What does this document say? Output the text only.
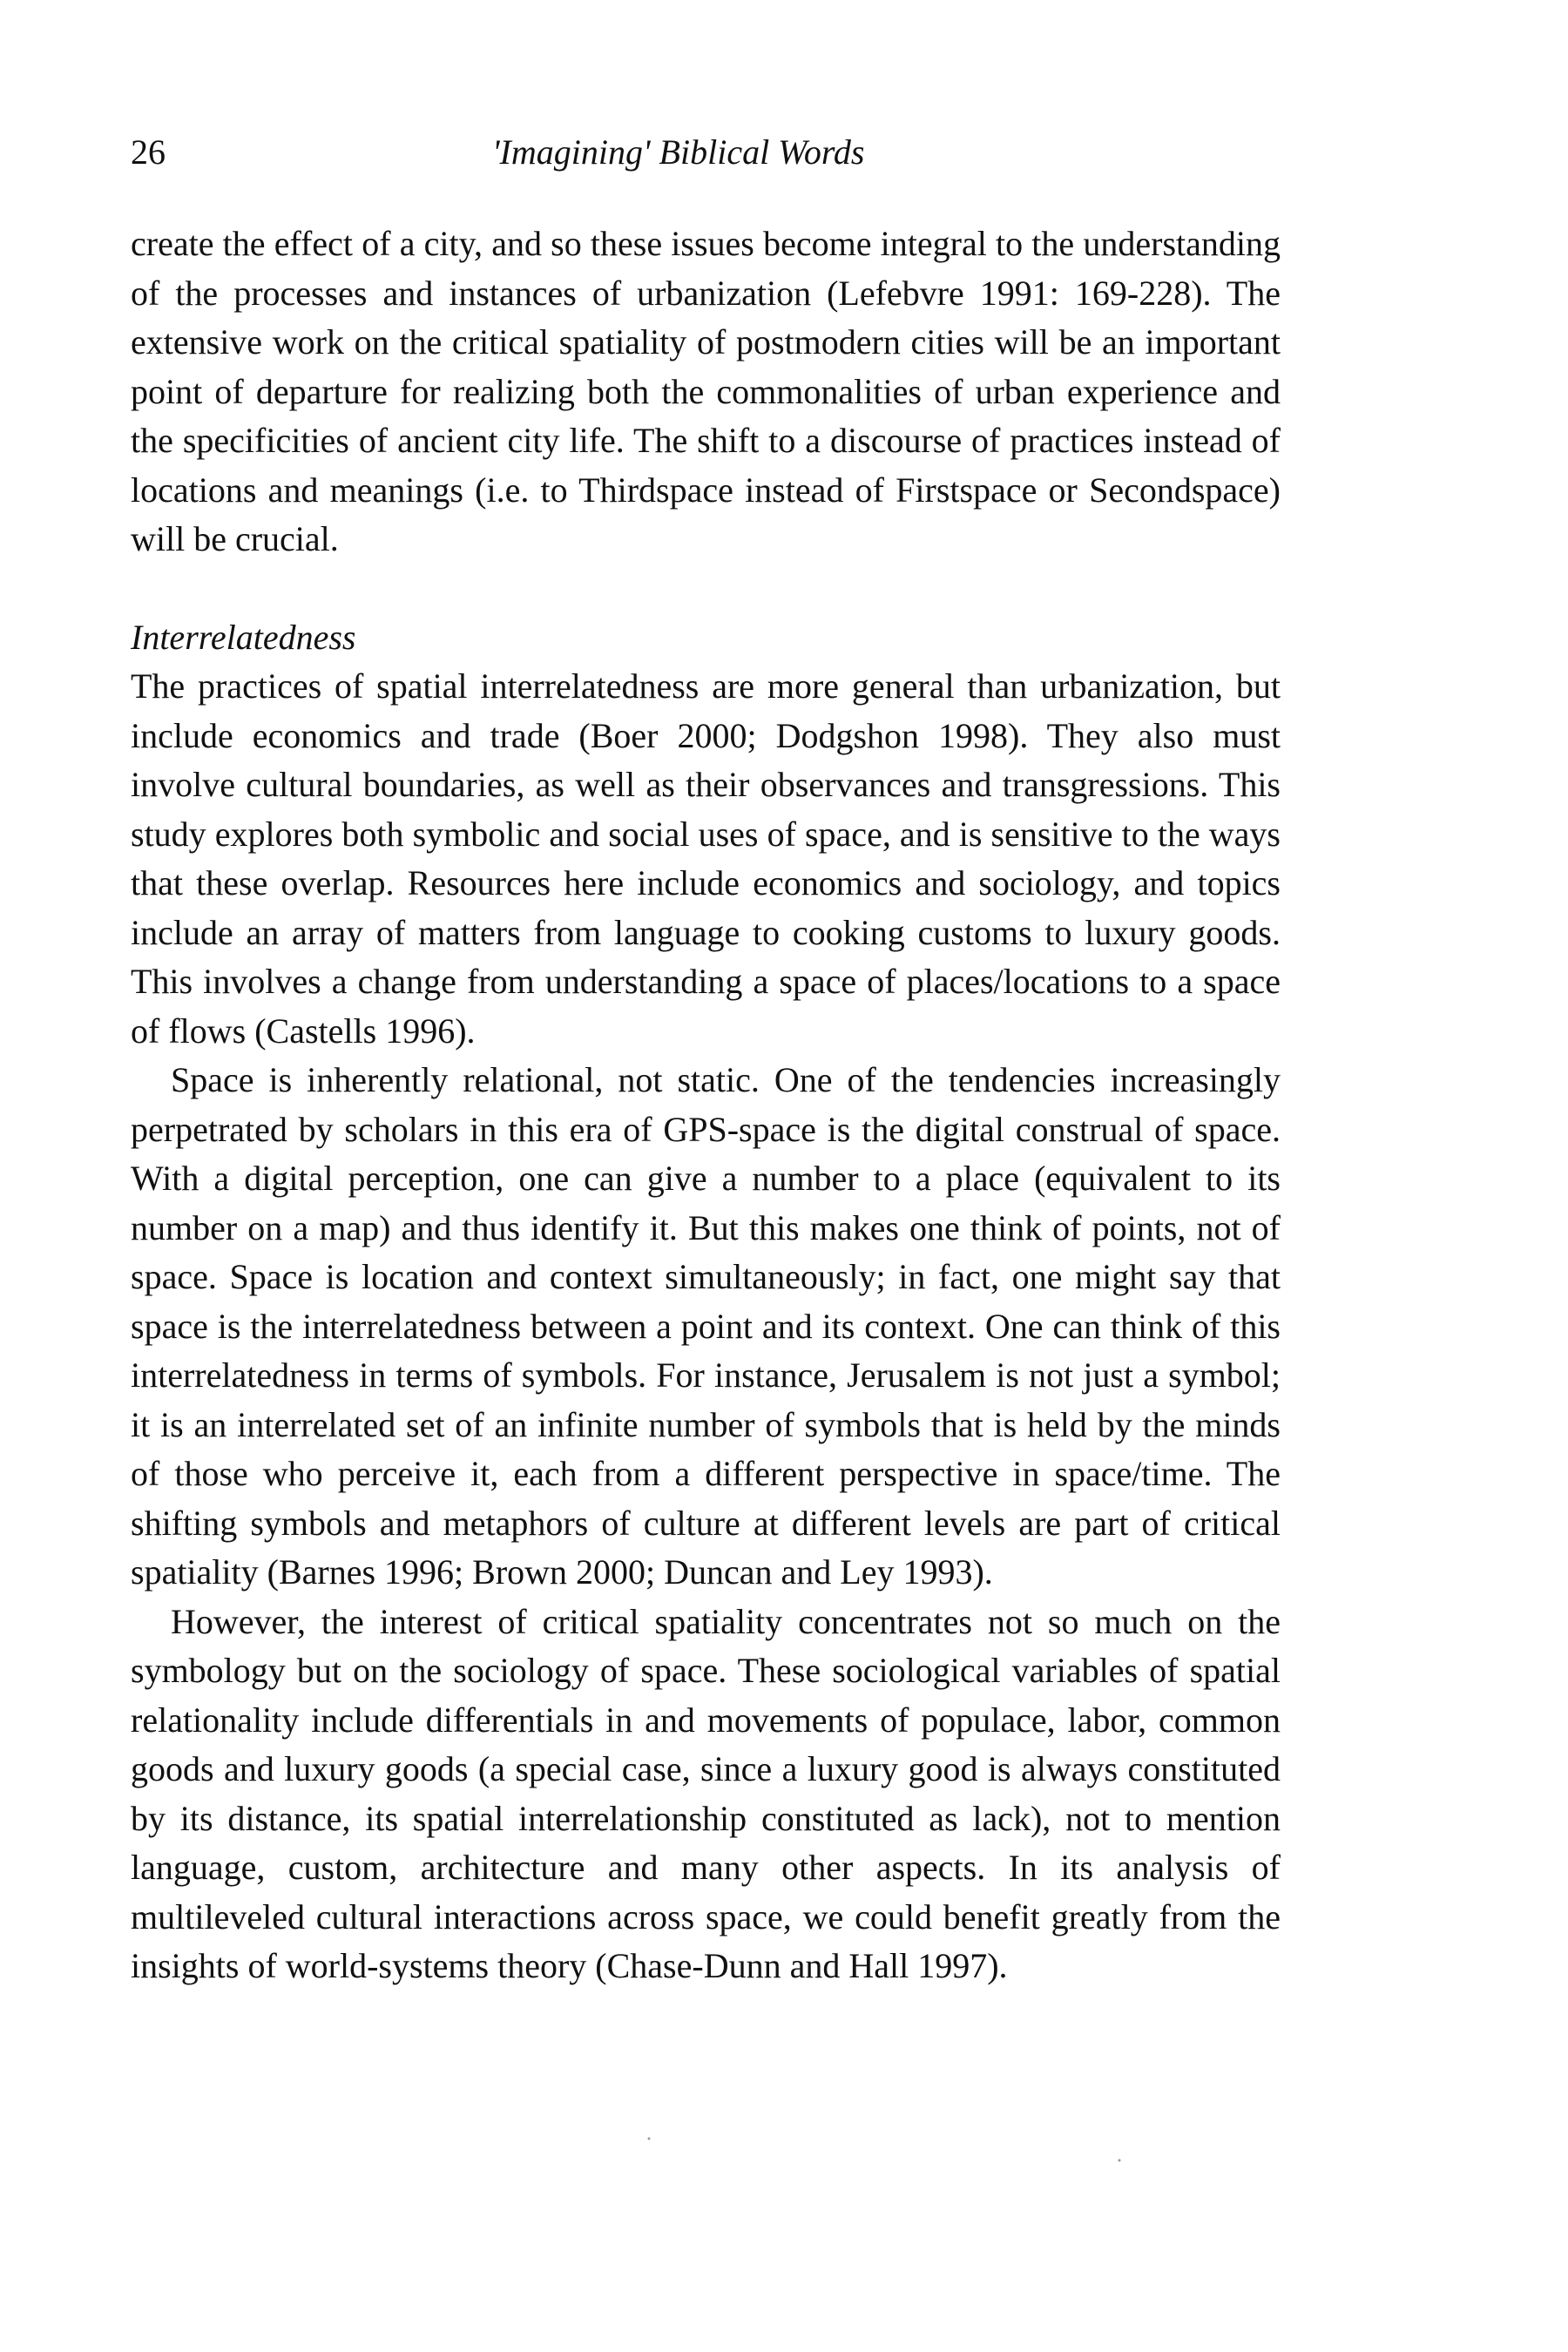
26	'Imagining' Biblical Words

create the effect of a city, and so these issues become integral to the understanding of the processes and instances of urbanization (Lefebvre 1991: 169-228). The extensive work on the critical spatiality of postmodern cities will be an important point of departure for realizing both the commonalities of urban experience and the specificities of ancient city life. The shift to a discourse of practices instead of locations and meanings (i.e. to Thirdspace instead of Firstspace or Secondspace) will be crucial.

Interrelatedness

The practices of spatial interrelatedness are more general than urbanization, but include economics and trade (Boer 2000; Dodgshon 1998). They also must involve cultural boundaries, as well as their observances and transgressions. This study explores both symbolic and social uses of space, and is sensitive to the ways that these overlap. Resources here include economics and sociology, and topics include an array of matters from language to cooking customs to luxury goods. This involves a change from understanding a space of places/locations to a space of flows (Castells 1996).

Space is inherently relational, not static. One of the tendencies increasingly perpetrated by scholars in this era of GPS-space is the digital construal of space. With a digital perception, one can give a number to a place (equivalent to its number on a map) and thus identify it. But this makes one think of points, not of space. Space is location and context simultaneously; in fact, one might say that space is the interrelatedness between a point and its context. One can think of this interrelatedness in terms of symbols. For instance, Jerusalem is not just a symbol; it is an interrelated set of an infinite number of symbols that is held by the minds of those who perceive it, each from a different perspective in space/time. The shifting symbols and metaphors of culture at different levels are part of critical spatiality (Barnes 1996; Brown 2000; Duncan and Ley 1993).

However, the interest of critical spatiality concentrates not so much on the symbology but on the sociology of space. These sociological variables of spatial relationality include differentials in and movements of populace, labor, common goods and luxury goods (a special case, since a luxury good is always constituted by its distance, its spatial interrelationship constituted as lack), not to mention language, custom, architecture and many other aspects. In its analysis of multileveled cultural interactions across space, we could benefit greatly from the insights of world-systems theory (Chase-Dunn and Hall 1997).
